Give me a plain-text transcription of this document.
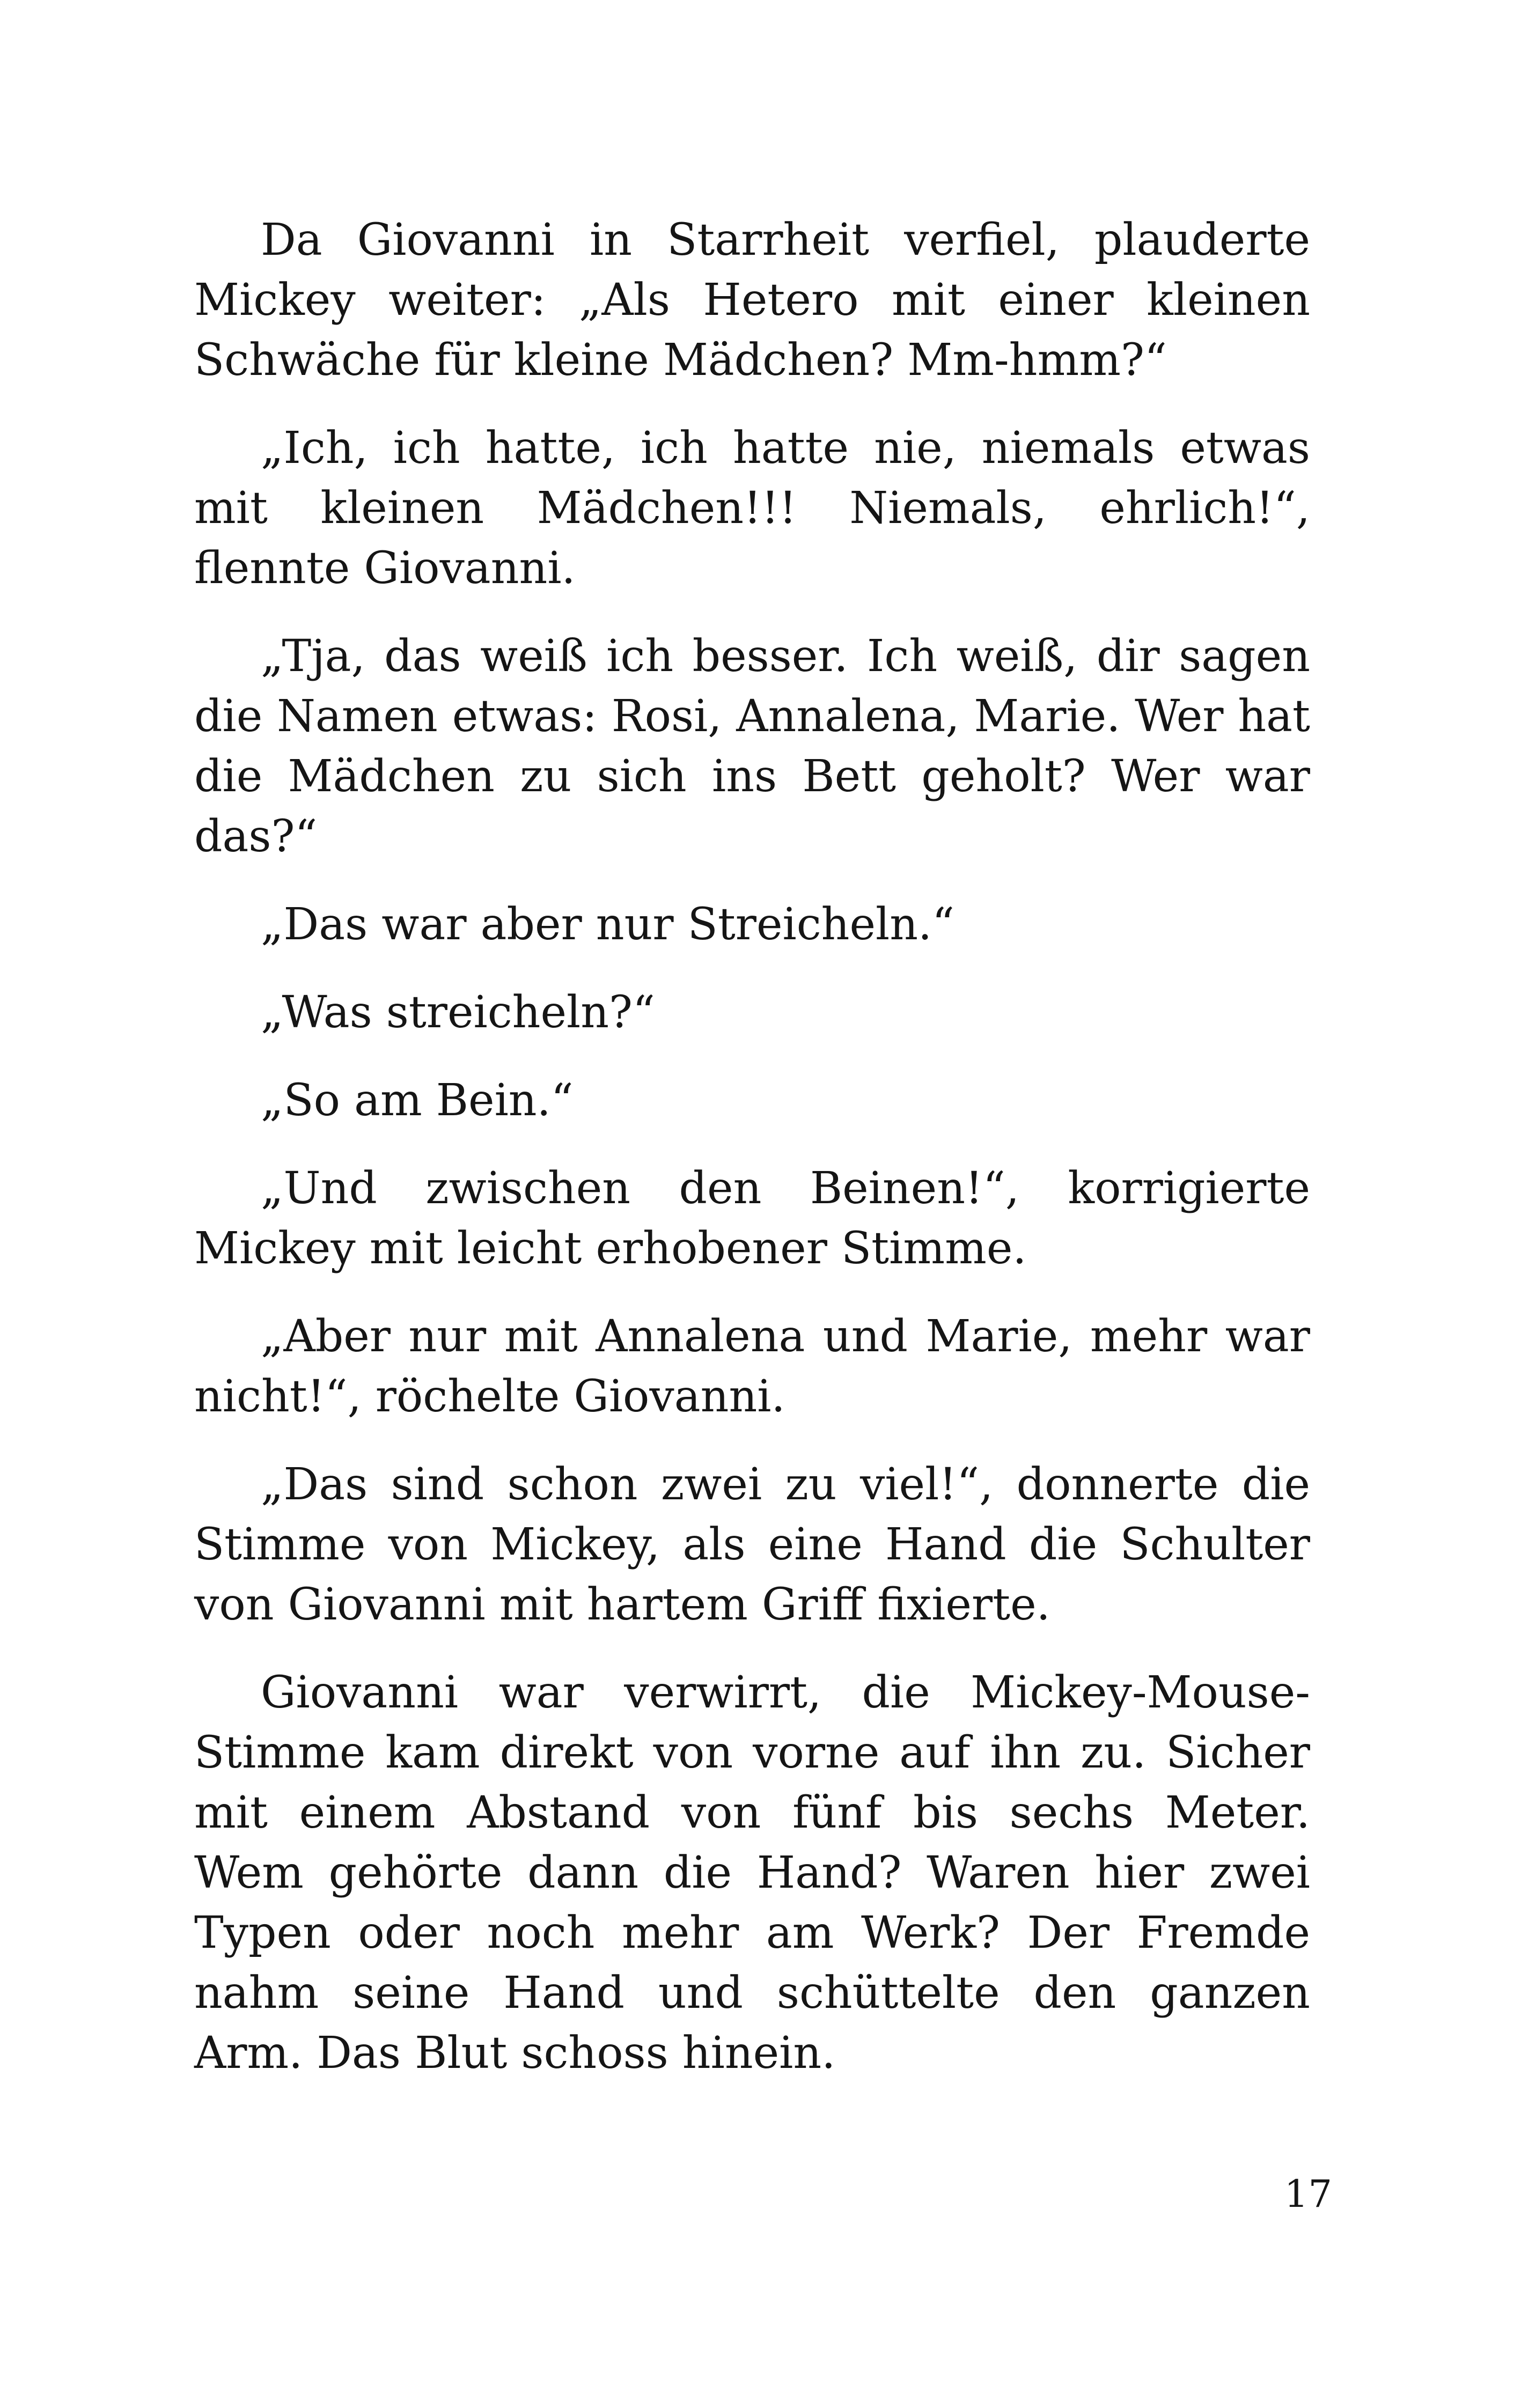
Da Giovanni in Starrheit verfiel, plauderte Mickey weiter: „Als Hetero mit einer kleinen Schwäche für kleine Mädchen? Mm-hmm?“

„Ich, ich hatte, ich hatte nie, niemals etwas mit kleinen Mädchen!!! Niemals, ehrlich!“, flennte Giovanni.

„Tja, das weiß ich besser. Ich weiß, dir sagen die Namen etwas: Rosi, Annalena, Marie. Wer hat die Mädchen zu sich ins Bett geholt? Wer war das?“

„Das war aber nur Streicheln.“

„Was streicheln?“

„So am Bein.“

„Und zwischen den Beinen!“, korrigierte Mickey mit leicht erhobener Stimme.

„Aber nur mit Annalena und Marie, mehr war nicht!“, röchelte Giovanni.

„Das sind schon zwei zu viel!“, donnerte die Stimme von Mickey, als eine Hand die Schulter von Giovanni mit hartem Griff fixierte.

Giovanni war verwirrt, die Mickey-Mouse-Stimme kam direkt von vorne auf ihn zu. Sicher mit einem Abstand von fünf bis sechs Meter. Wem gehörte dann die Hand? Waren hier zwei Typen oder noch mehr am Werk? Der Fremde nahm seine Hand und schüttelte den ganzen Arm. Das Blut schoss hinein.

17
